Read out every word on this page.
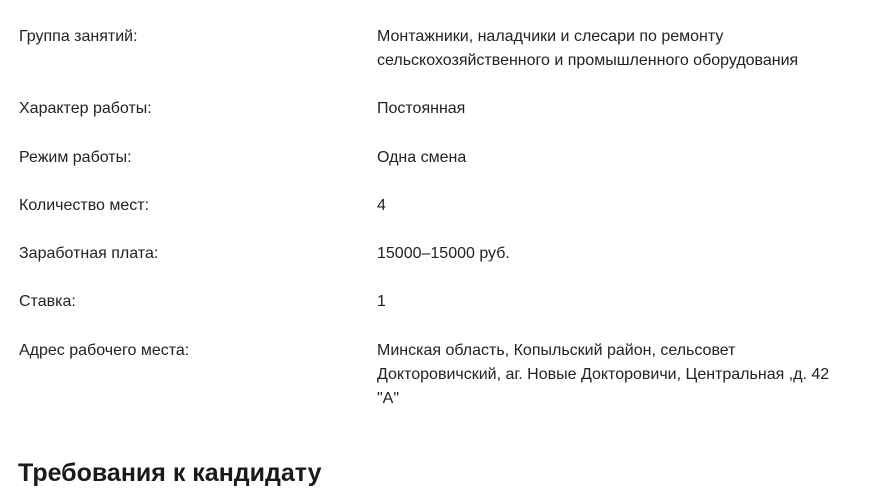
Группа занятий:	Монтажники, наладчики и слесари по ремонту сельскохозяйственного и промышленного оборудования
Характер работы:	Постоянная
Режим работы:	Одна смена
Количество мест:	4
Заработная плата:	15000–15000 руб.
Ставка:	1
Адрес рабочего места:	Минская область, Копыльский район, сельсовет Докторовичский, аг. Новые Докторовичи, Центральная ,д. 42 "А"
Требования к кандидату
